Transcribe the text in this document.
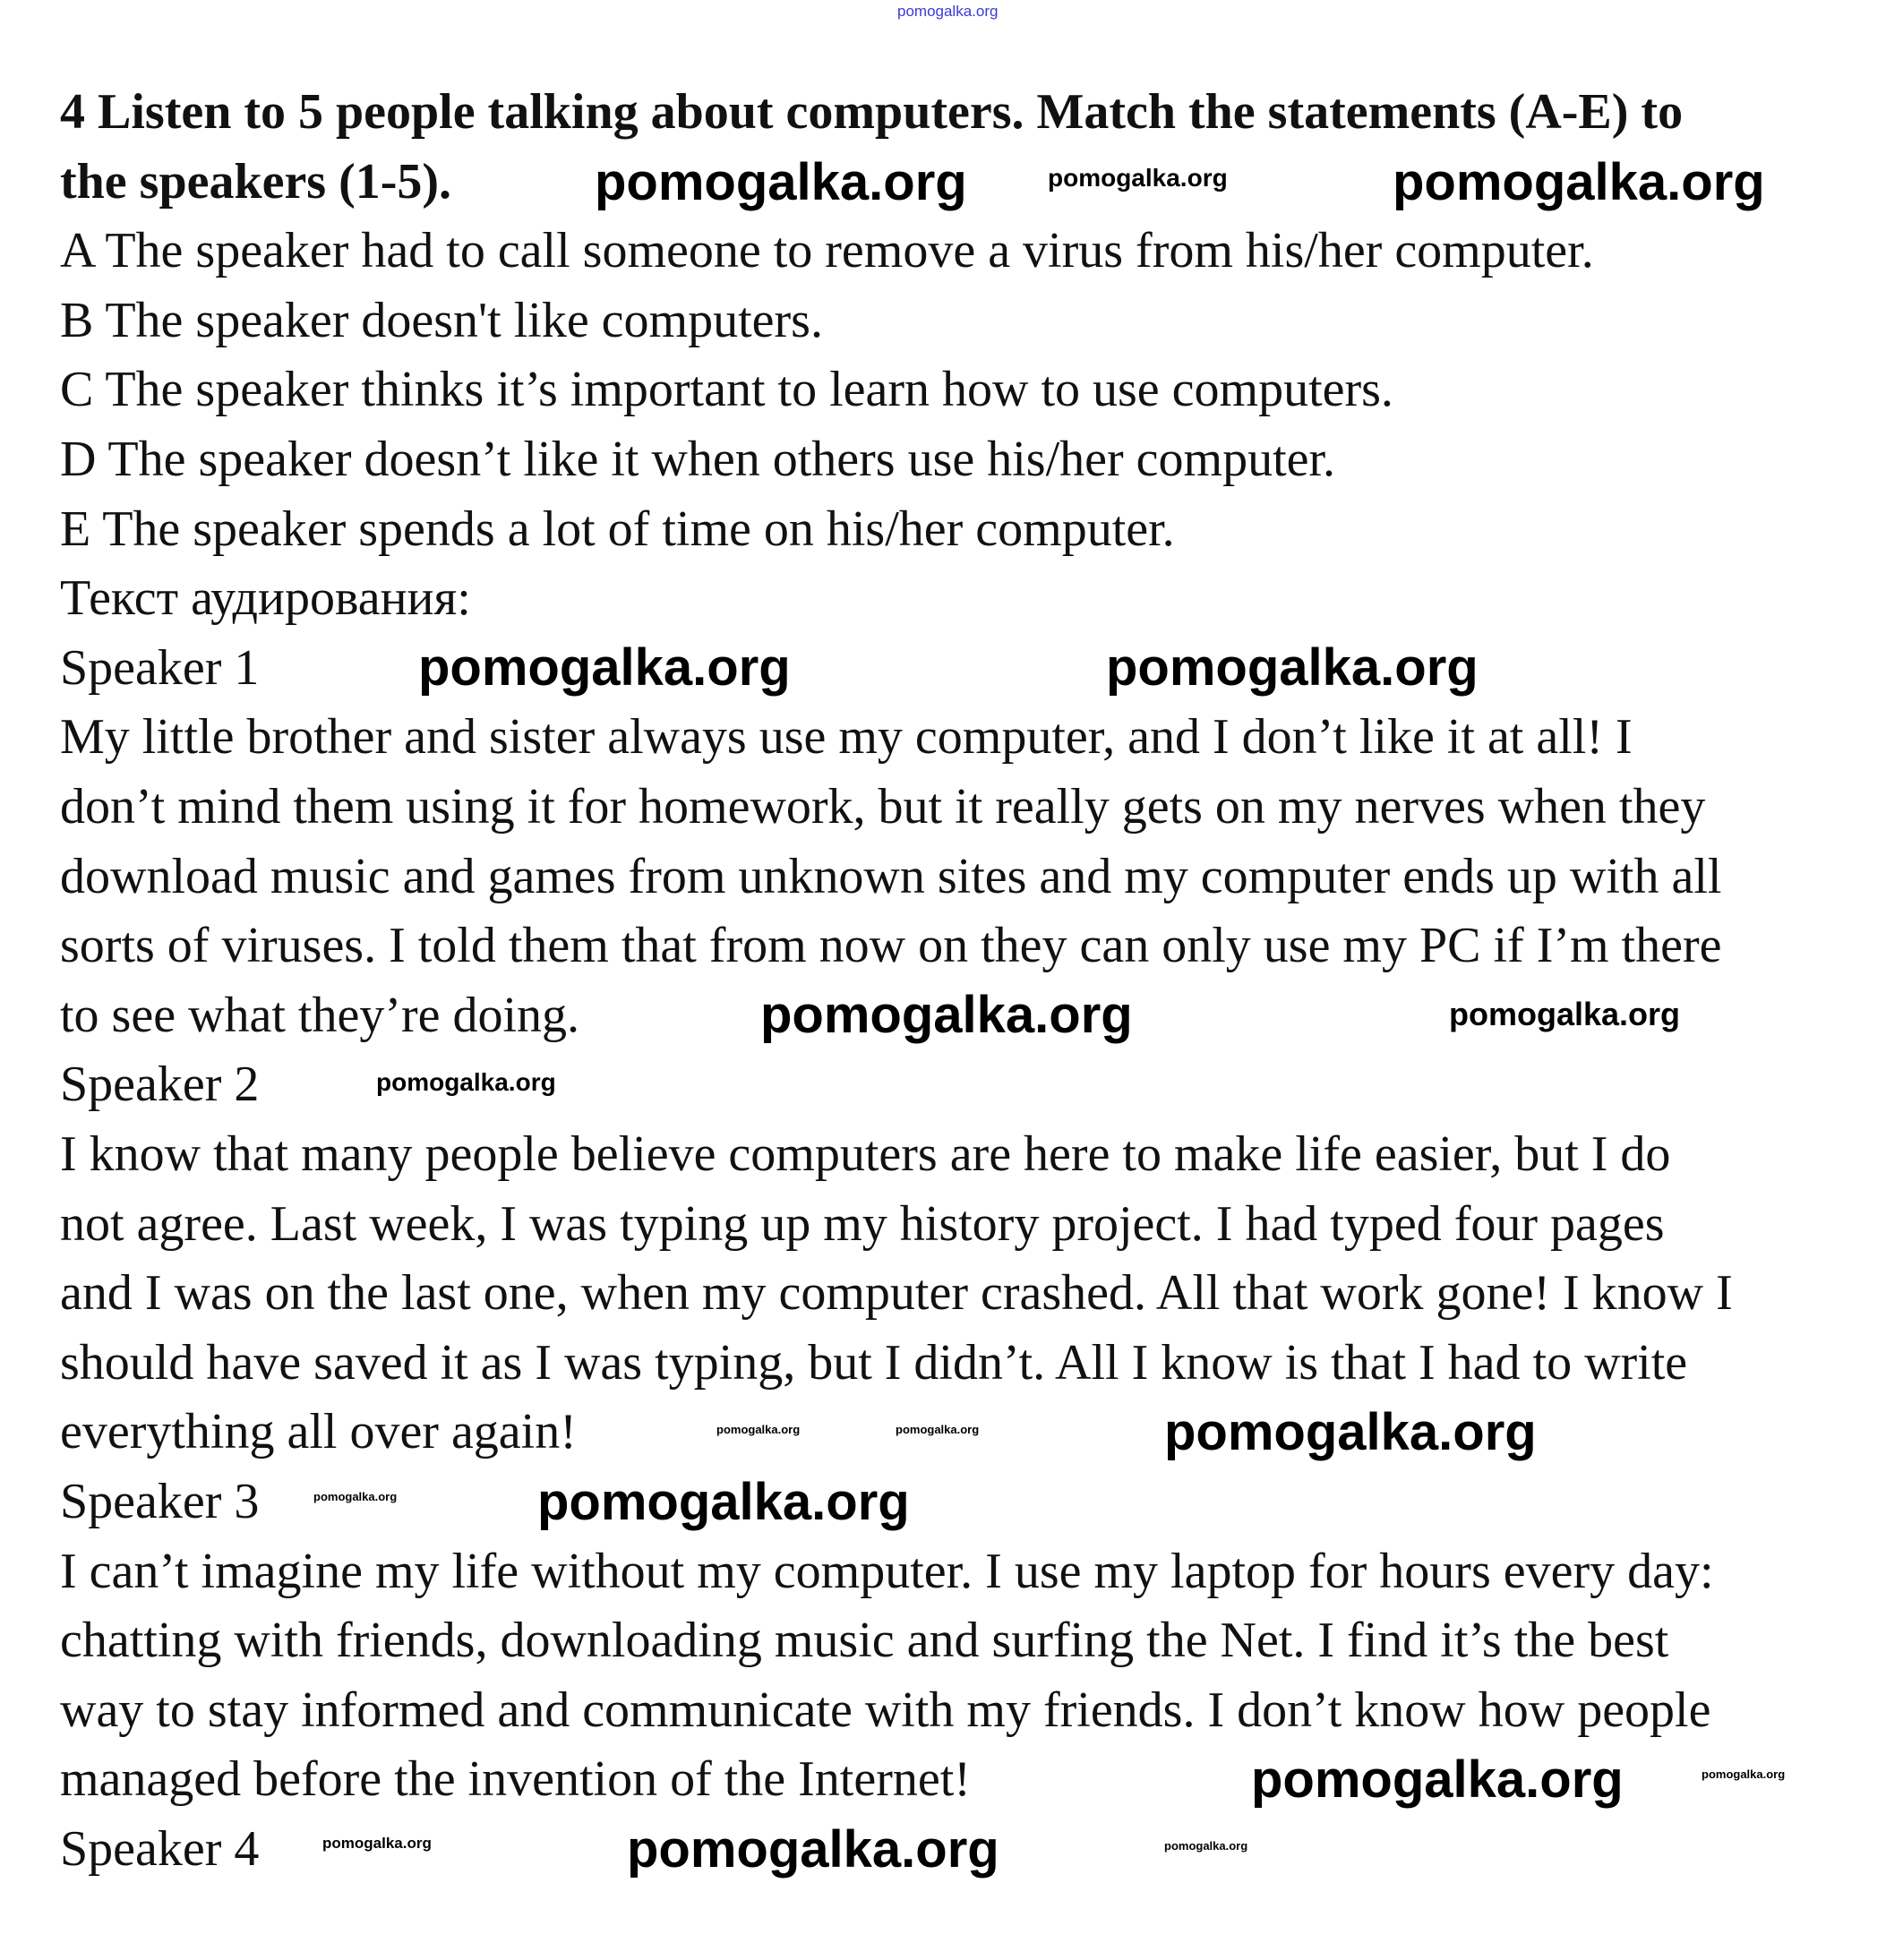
4 Listen to 5 people talking about computers. Match the statements (A-E) to
the speakers (1-5).
A The speaker had to call someone to remove a virus from his/her computer.
B The speaker doesn't like computers.
C The speaker thinks it’s important to learn how to use computers.
D The speaker doesn’t like it when others use his/her computer.
E The speaker spends a lot of time on his/her computer.
Текст аудирования:
Speaker 1
My little brother and sister always use my computer, and I don’t like it at all! I
don’t mind them using it for homework, but it really gets on my nerves when they
download music and games from unknown sites and my computer ends up with all
sorts of viruses. I told them that from now on they can only use my PC if I’m there
to see what they’re doing.
Speaker 2
I know that many people believe computers are here to make life easier, but I do
not agree. Last week, I was typing up my history project. I had typed four pages
and I was on the last one, when my computer crashed. All that work gone! I know I
should have saved it as I was typing, but I didn’t. All I know is that I had to write
everything all over again!
Speaker 3
I can’t imagine my life without my computer. I use my laptop for hours every day:
chatting with friends, downloading music and surfing the Net. I find it’s the best
way to stay informed and communicate with my friends. I don’t know how people
managed before the invention of the Internet!
Speaker 4
pomogalka.org
pomogalka.org	pomogalka.org	pomogalka.org
pomogalka.org	pomogalka.org
pomogalka.org	pomogalka.org
pomogalka.org
pomogalka.org	pomogalka.org	pomogalka.org
pomogalka.org	pomogalka.org
pomogalka.org	pomogalka.org
pomogalka.org	pomogalka.org	pomogalka.org
